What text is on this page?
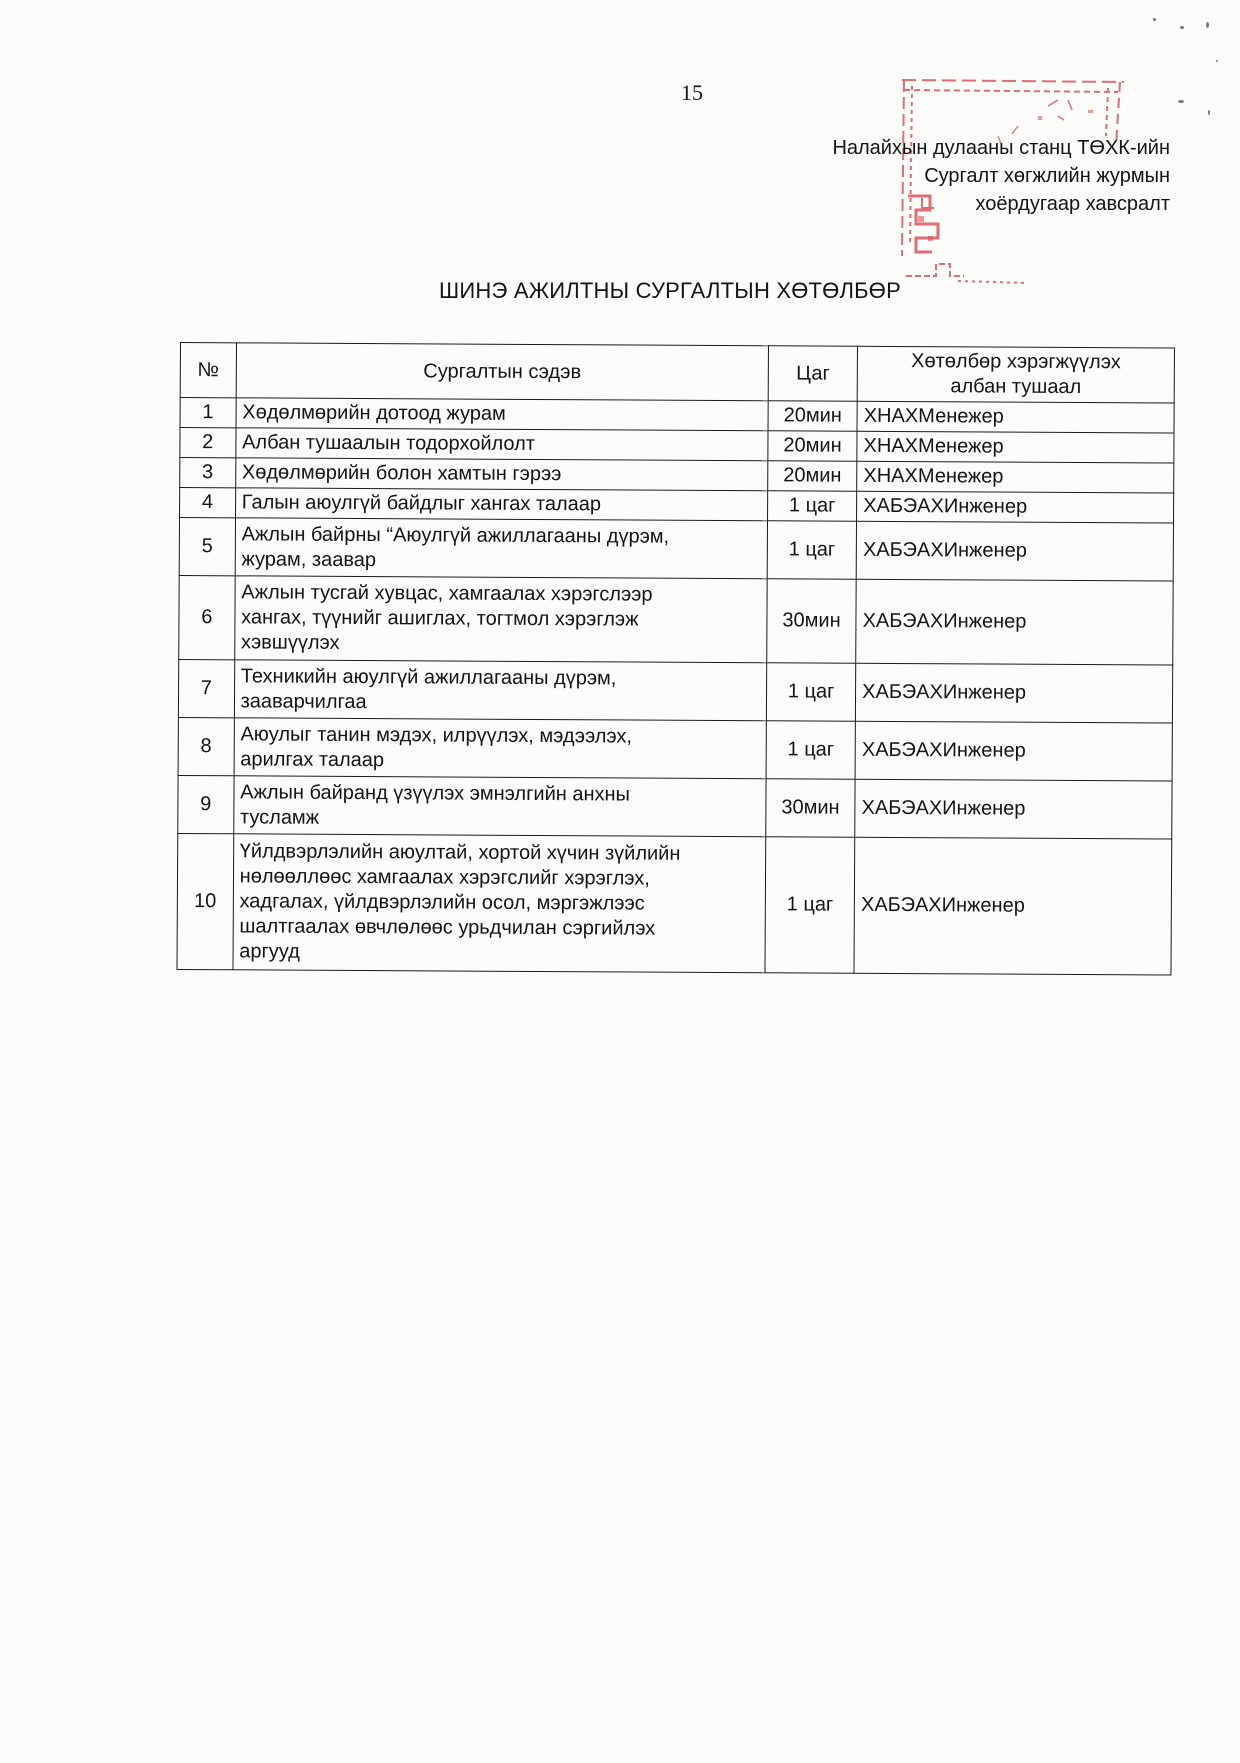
15
Налайхын дулааны станц ТӨХК-ийн
Сургалт хөгжлийн журмын
хоёрдугаар хавсралт
ШИНЭ АЖИЛТНЫ СУРГАЛТЫН ХӨТӨЛБӨР
№	Сургалтын сэдэв	Цаг	Хөтөлбөр хэрэгжүүлэх
албан тушаал
1	Хөдөлмөрийн дотоод журам	20мин	ХНАХМенежер
2	Албан тушаалын тодорхойлолт	20мин	ХНАХМенежер
3	Хөдөлмөрийн болон хамтын гэрээ	20мин	ХНАХМенежер
4	Галын аюулгүй байдлыг хангах талаар	1 цаг	ХАБЭАХИнженер
5	Ажлын байрны “Аюулгүй ажиллагааны дүрэм,
журам, заавар	1 цаг	ХАБЭАХИнженер
6	Ажлын тусгай хувцас, хамгаалах хэрэгслээр
хангах, түүнийг ашиглах, тогтмол хэрэглэж
хэвшүүлэх	30мин	ХАБЭАХИнженер
7	Техникийн аюулгүй ажиллагааны дүрэм,
зааварчилгаа	1 цаг	ХАБЭАХИнженер
8	Аюулыг танин мэдэх, илрүүлэх, мэдээлэх,
арилгах талаар	1 цаг	ХАБЭАХИнженер
9	Ажлын байранд үзүүлэх эмнэлгийн анхны
тусламж	30мин	ХАБЭАХИнженер
10	Үйлдвэрлэлийн аюултай, хортой хүчин зүйлийн
нөлөөллөөс хамгаалах хэрэгслийг хэрэглэх,
хадгалах, үйлдвэрлэлийн осол, мэргэжлээс
шалтгаалах өвчлөлөөс урьдчилан сэргийлэх
аргууд	1 цаг	ХАБЭАХИнженер
